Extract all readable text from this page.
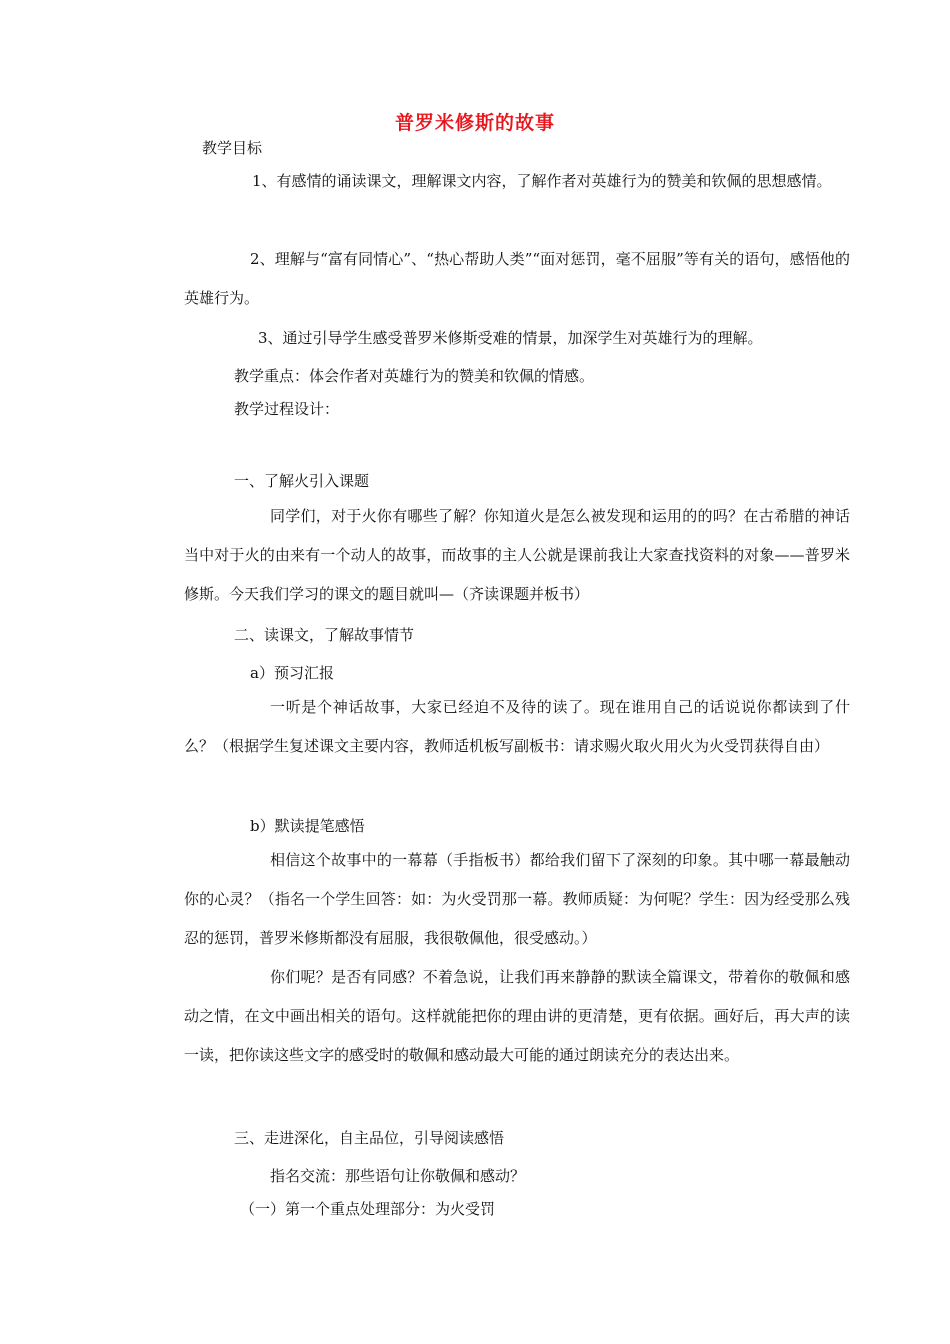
普罗米修斯的故事
教学目标
1、有感情的诵读课文，理解课文内容，了解作者对英雄行为的赞美和钦佩的思想感情。
2、理解与“富有同情心”、“热心帮助人类”“面对惩罚，毫不屈服”等有关的语句，感悟他的英雄行为。
3、通过引导学生感受普罗米修斯受难的情景，加深学生对英雄行为的理解。
教学重点：体会作者对英雄行为的赞美和钦佩的情感。
教学过程设计：
一、了解火引入课题
同学们，对于火你有哪些了解？你知道火是怎么被发现和运用的的吗？在古希腊的神话当中对于火的由来有一个动人的故事，而故事的主人公就是课前我让大家查找资料的对象——普罗米修斯。今天我们学习的课文的题目就叫—（齐读课题并板书）
二、读课文，了解故事情节
a）预习汇报
一听是个神话故事，大家已经迫不及待的读了。现在谁用自己的话说说你都读到了什么？（根据学生复述课文主要内容，教师适机板写副板书：请求赐火取火用火为火受罚获得自由）
b）默读提笔感悟
相信这个故事中的一幕幕（手指板书）都给我们留下了深刻的印象。其中哪一幕最触动你的心灵？（指名一个学生回答：如：为火受罚那一幕。教师质疑：为何呢？学生：因为经受那么残忍的惩罚，普罗米修斯都没有屈服，我很敬佩他，很受感动。）
你们呢？是否有同感？不着急说，让我们再来静静的默读全篇课文，带着你的敬佩和感动之情，在文中画出相关的语句。这样就能把你的理由讲的更清楚，更有依据。画好后，再大声的读一读，把你读这些文字的感受时的敬佩和感动最大可能的通过朗读充分的表达出来。
三、走进深化，自主品位，引导阅读感悟
指名交流：那些语句让你敬佩和感动？
（一）第一个重点处理部分：为火受罚
